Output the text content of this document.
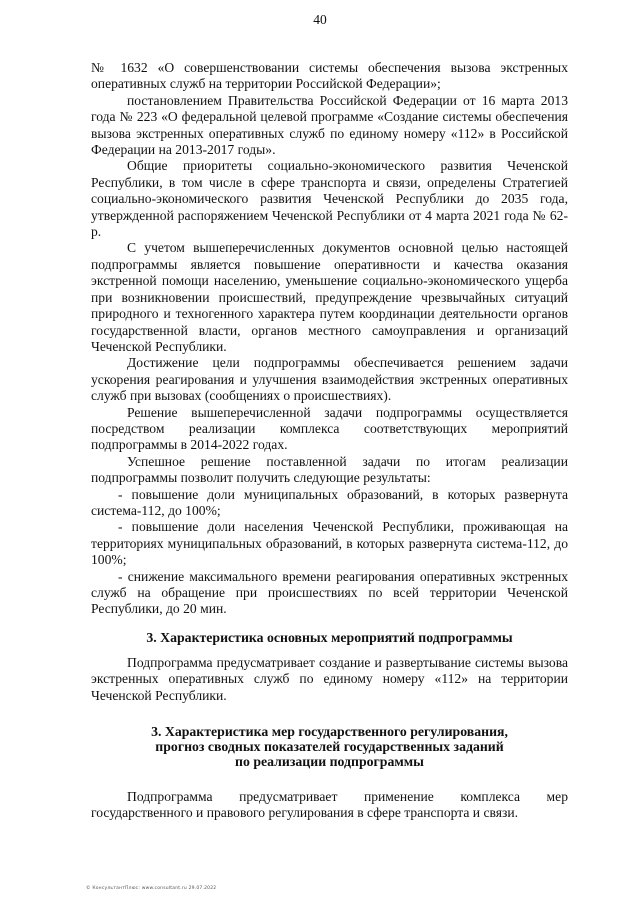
40

№ 1632 «О совершенствовании системы обеспечения вызова экстренных оперативных служб на территории Российской Федерации»;

постановлением Правительства Российской Федерации от 16 марта 2013 года № 223 «О федеральной целевой программе «Создание системы обеспечения вызова экстренных оперативных служб по единому номеру «112» в Российской Федерации на 2013-2017 годы».

Общие приоритеты социально-экономического развития Чеченской Республики, в том числе в сфере транспорта и связи, определены Стратегией социально-экономического развития Чеченской Республики до 2035 года, утвержденной распоряжением Чеченской Республики от 4 марта 2021 года № 62-р.

С учетом вышеперечисленных документов основной целью настоящей подпрограммы является повышение оперативности и качества оказания экстренной помощи населению, уменьшение социально-экономического ущерба при возникновении происшествий, предупреждение чрезвычайных ситуаций природного и техногенного характера путем координации деятельности органов государственной власти, органов местного самоуправления и организаций Чеченской Республики.

Достижение цели подпрограммы обеспечивается решением задачи ускорения реагирования и улучшения взаимодействия экстренных оперативных служб при вызовах (сообщениях о происшествиях).

Решение вышеперечисленной задачи подпрограммы осуществляется посредством реализации комплекса соответствующих мероприятий подпрограммы в 2014-2022 годах.

Успешное решение поставленной задачи по итогам реализации подпрограммы позволит получить следующие результаты:

- повышение доли муниципальных образований, в которых развернута система-112, до 100%;

- повышение доли населения Чеченской Республики, проживающая на территориях муниципальных образований, в которых развернута система-112, до 100%;

- снижение максимального времени реагирования оперативных экстренных служб на обращение при происшествиях по всей территории Чеченской Республики, до 20 мин.

3. Характеристика основных мероприятий подпрограммы

Подпрограмма предусматривает создание и развертывание системы вызова экстренных оперативных служб по единому номеру «112» на территории Чеченской Республики.

3. Характеристика мер государственного регулирования,
прогноз сводных показателей государственных заданий
по реализации подпрограммы

Подпрограмма предусматривает применение комплекса мер государственного и правового регулирования в сфере транспорта и связи.

© КонсультантПлюс: www.consultant.ru 29.07.2022
